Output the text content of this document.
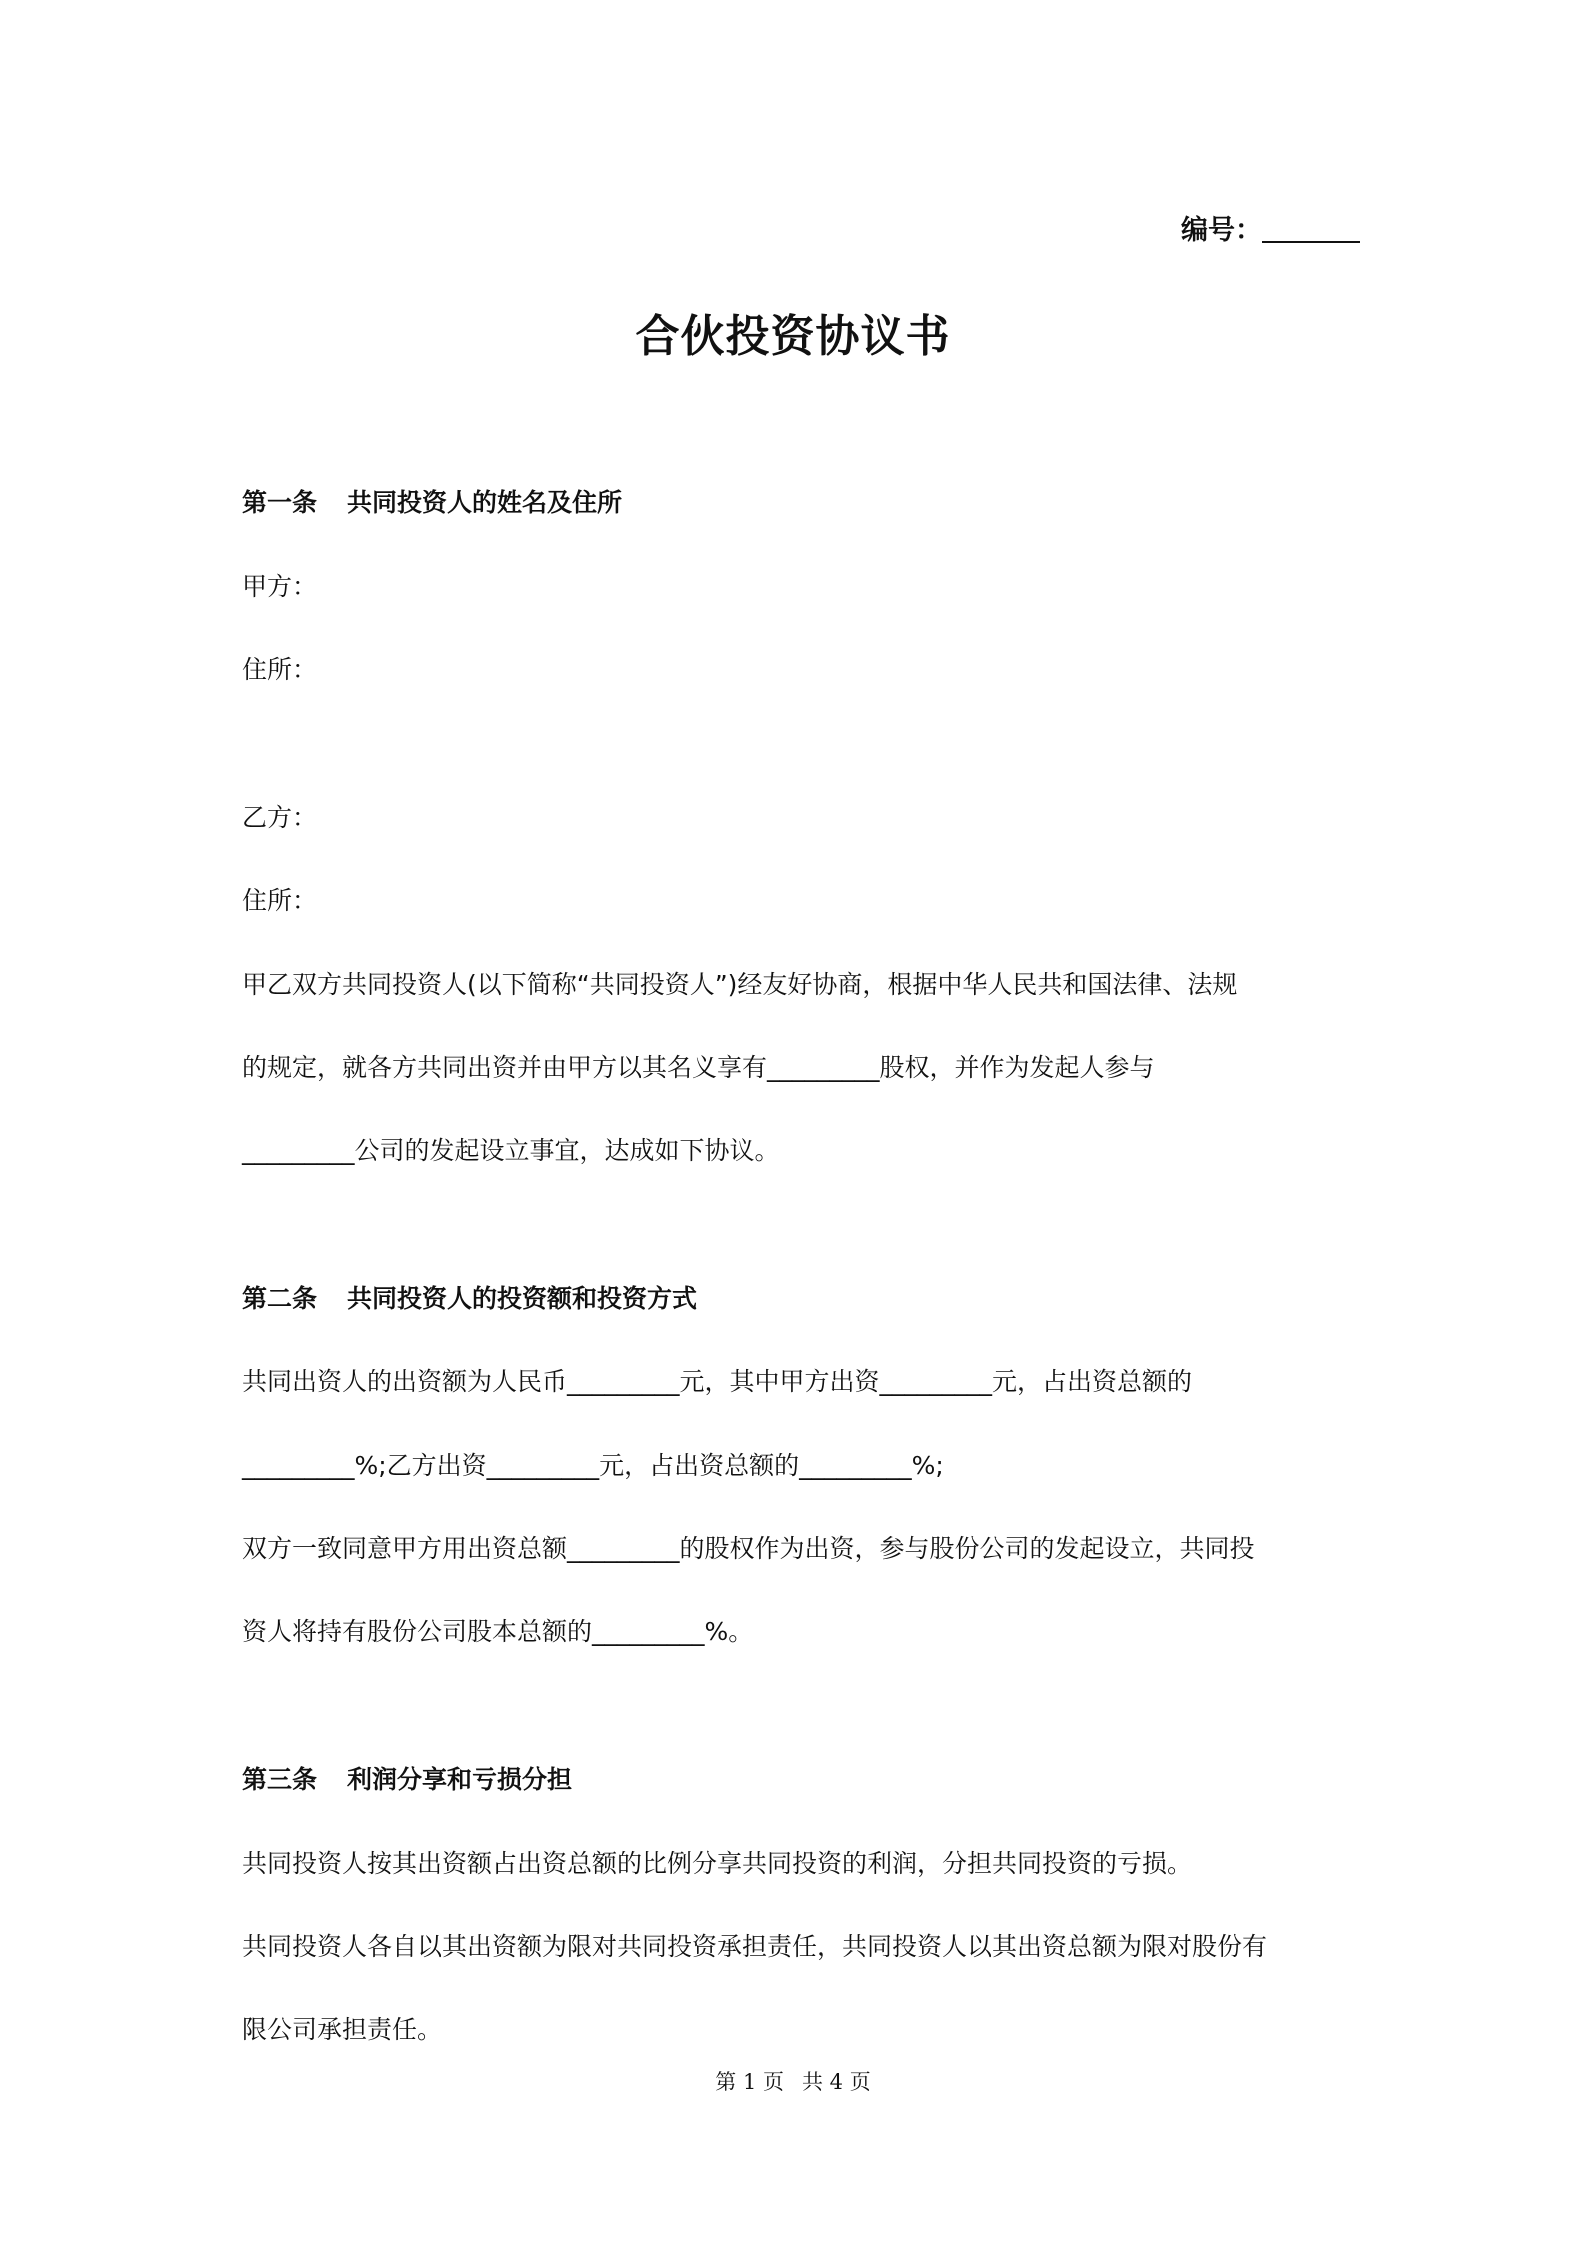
编号：
合伙投资协议书
第一条 共同投资人的姓名及住所
甲方：
住所：
乙方：
住所：
甲乙双方共同投资人(以下简称“共同投资人”)经友好协商，根据中华人民共和国法律、法规
的规定，就各方共同出资并由甲方以其名义享有_________股权，并作为发起人参与
_________公司的发起设立事宜，达成如下协议。
第二条 共同投资人的投资额和投资方式
共同出资人的出资额为人民币_________元，其中甲方出资_________元，占出资总额的
_________%;乙方出资_________元，占出资总额的_________%;
双方一致同意甲方用出资总额_________的股权作为出资，参与股份公司的发起设立，共同投
资人将持有股份公司股本总额的_________%。
第三条 利润分享和亏损分担
共同投资人按其出资额占出资总额的比例分享共同投资的利润，分担共同投资的亏损。
共同投资人各自以其出资额为限对共同投资承担责任，共同投资人以其出资总额为限对股份有
限公司承担责任。
第 1 页 共 4 页
